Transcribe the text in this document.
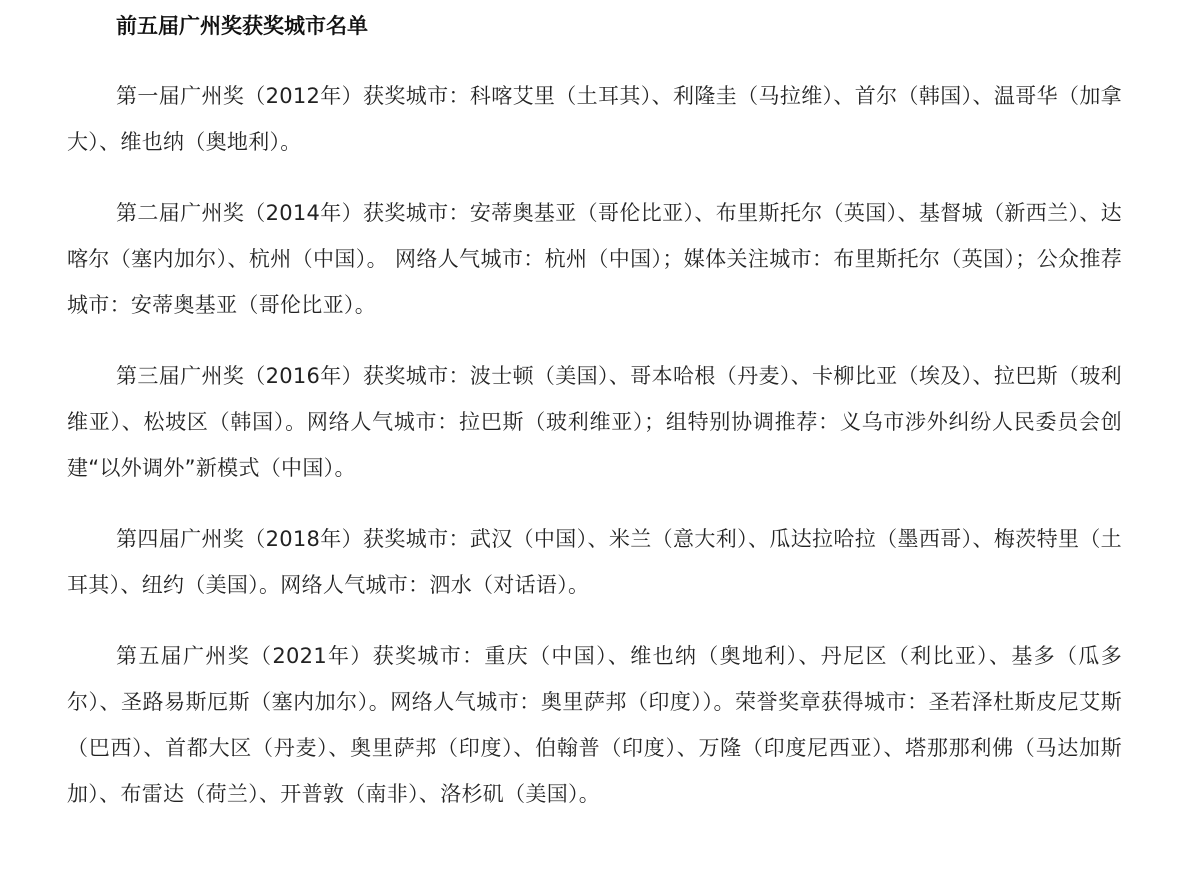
前五届广州奖获奖城市名单

第一届广州奖（2012年）获奖城市：科喀艾里（土耳其）、利隆圭（马拉维）、首尔（韩国）、温哥华（加拿大）、维也纳（奥地利）。

第二届广州奖（2014年）获奖城市：安蒂奥基亚（哥伦比亚）、布里斯托尔（英国）、基督城（新西兰）、达喀尔（塞内加尔）、杭州（中国）。 网络人气城市：杭州（中国）；媒体关注城市：布里斯托尔（英国）；公众推荐城市：安蒂奥基亚（哥伦比亚）。

第三届广州奖（2016年）获奖城市：波士顿（美国）、哥本哈根（丹麦）、卡柳比亚（埃及）、拉巴斯（玻利维亚）、松坡区（韩国）。网络人气城市：拉巴斯（玻利维亚）；组特别协调推荐：义乌市涉外纠纷人民委员会创建“以外调外”新模式（中国）。

第四届广州奖（2018年）获奖城市：武汉（中国）、米兰（意大利）、瓜达拉哈拉（墨西哥）、梅茨特里（土耳其）、纽约（美国）。网络人气城市：泗水（对话语）。

第五届广州奖（2021年）获奖城市：重庆（中国）、维也纳（奥地利）、丹尼区（利比亚）、基多（瓜多尔）、圣路易斯厄斯（塞内加尔）。网络人气城市：奥里萨邦（印度））。荣誉奖章获得城市：圣若泽杜斯皮尼艾斯（巴西）、首都大区（丹麦）、奥里萨邦（印度）、伯翰普（印度）、万隆（印度尼西亚）、塔那那利佛（马达加斯加）、布雷达（荷兰）、开普敦（南非）、洛杉矶（美国）。
